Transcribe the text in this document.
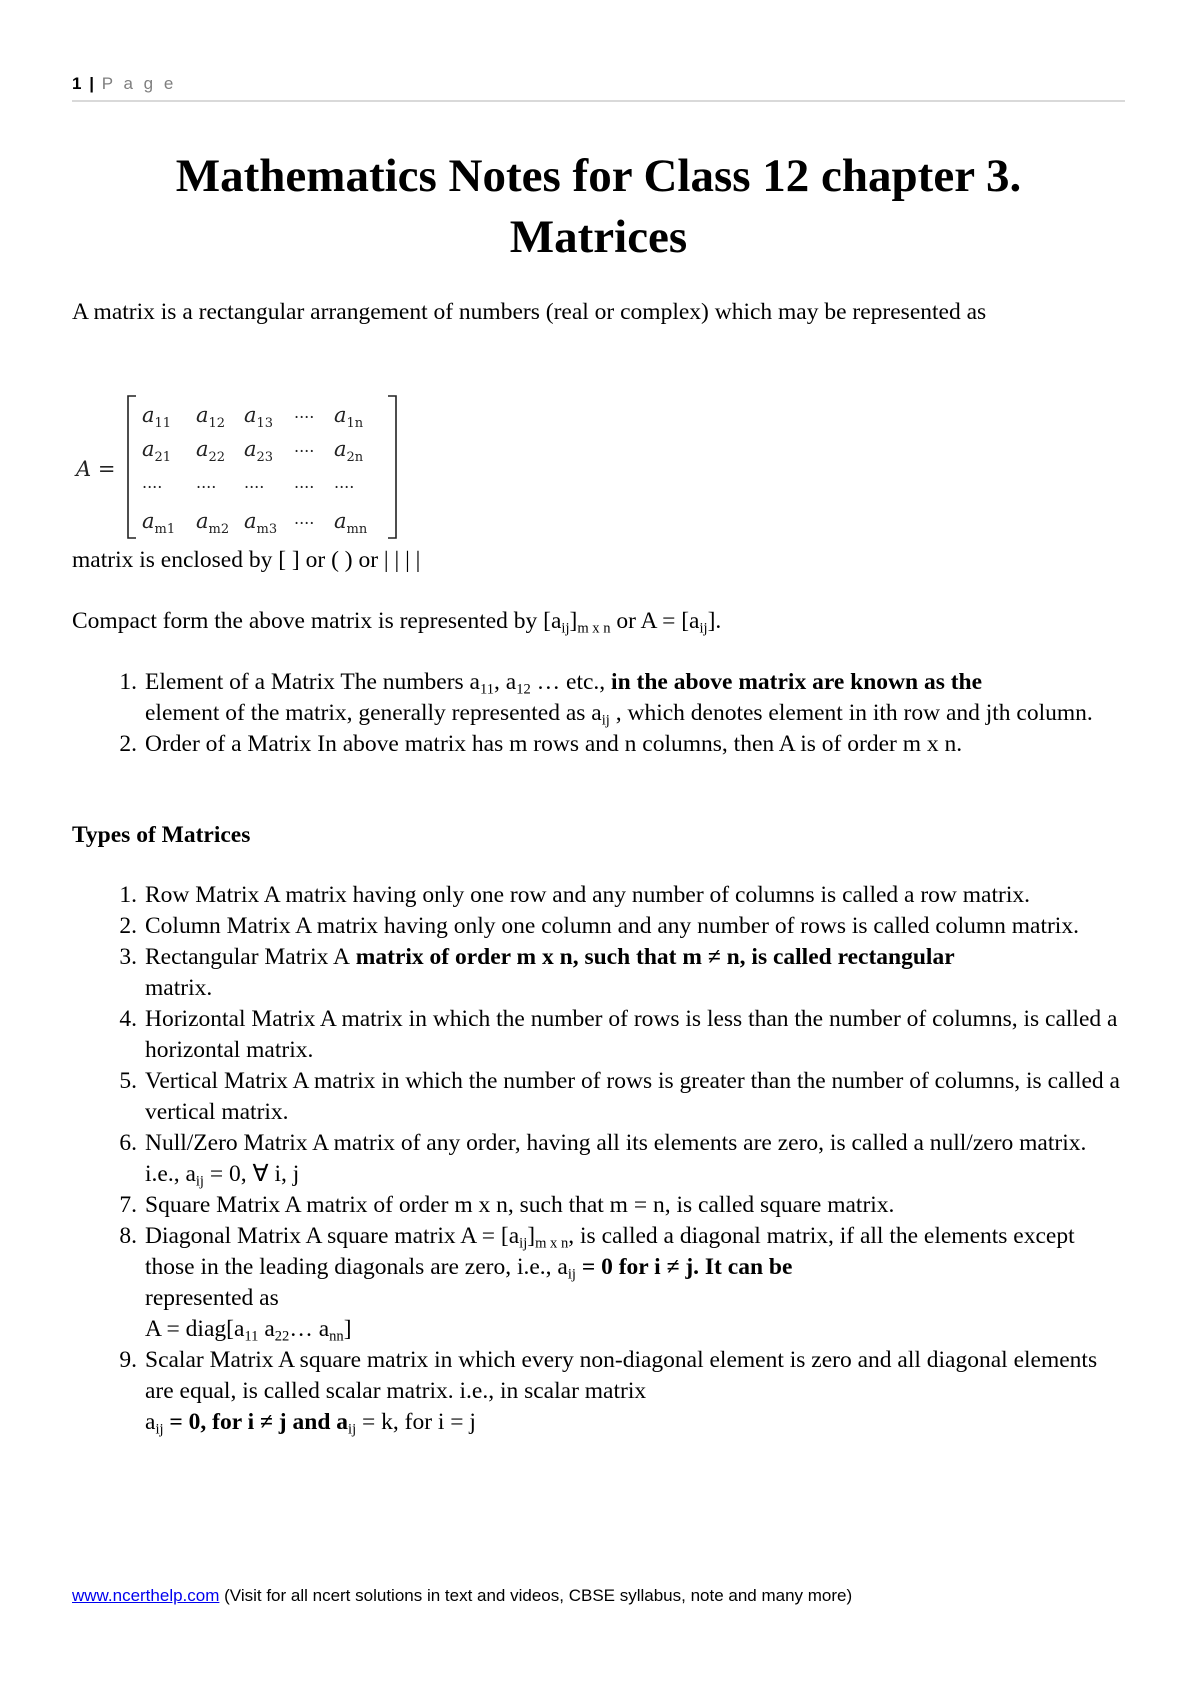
1 | P a g e
Mathematics Notes for Class 12 chapter 3.
Matrices
A matrix is a rectangular arrangement of numbers (real or complex) which may be represented as
A =
$a_{11}$ $a_{12}$ $a_{13}$
.... $a_{1n}$
$a_{21}$ $a_{22}$ $a_{23}$
.... $a_{2n}$
.... .... .... .... ....
$a_{m1}$ $a_{m2}$ $a_{m3}$
.... $a_{mn}$
matrix is enclosed by [ ] or ( ) or | | | |
Compact form the above matrix is represented by $[a_{ij}]_{m x n}$ or $A = [a_{ij}]$.
1. Element of a Matrix The numbers $a_{11}$, $a_{12}$ … etc., in the above matrix are known as the
element of the matrix, generally represented as $a_{ij}$ , which denotes element in ith row and jth column.
2. Order of a Matrix In above matrix has m rows and n columns, then A is of order m x n.
Types of Matrices
1. Row Matrix A matrix having only one row and any number of columns is called a row matrix.
2. Column Matrix A matrix having only one column and any number of rows is called column matrix.
3. Rectangular Matrix A matrix of order m x n, such that m ≠ n, is called rectangular
matrix.
4. Horizontal Matrix A matrix in which the number of rows is less than the number of columns, is called a horizontal matrix.
5. Vertical Matrix A matrix in which the number of rows is greater than the number of columns, is called a vertical matrix.
6. Null/Zero Matrix A matrix of any order, having all its elements are zero, is called a null/zero matrix. i.e., $a_{ij} = 0$, ∀ i, j
7. Square Matrix A matrix of order m x n, such that m = n, is called square matrix.
8. Diagonal Matrix A square matrix $A = [a_{ij}]_{m x n}$, is called a diagonal matrix, if all the elements except those in the leading diagonals are zero, i.e., $a_{ij} = 0$ for i ≠ j. It can be
represented as
$A = diag[a_{11}$ $a_{22}\dots$ $a_{nn}$]
9. Scalar Matrix A square matrix in which every non-diagonal element is zero and all diagonal elements are equal, is called scalar matrix. i.e., in scalar matrix
$a_{ij} = 0$, for i ≠ j and $a_{ij} = k$, for i = j
www.ncerthelp.com (Visit for all ncert solutions in text and videos, CBSE syllabus, note and many more)
